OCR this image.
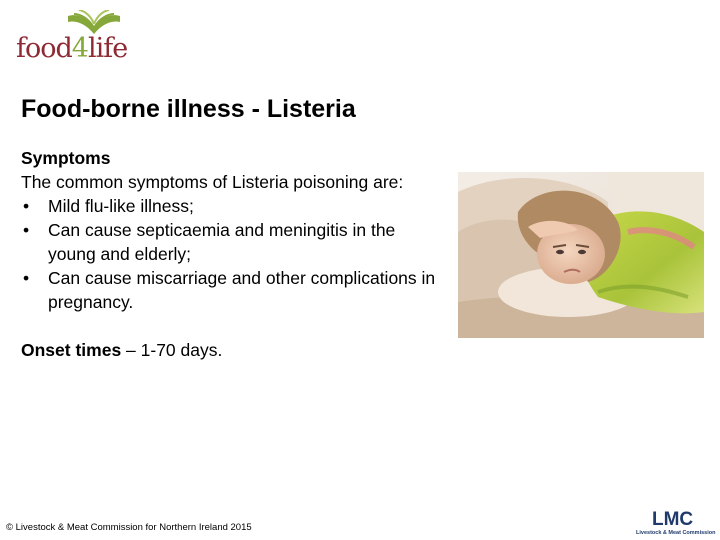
food4life
Food-borne illness - Listeria
Symptoms
The common symptoms of Listeria poisoning are:
• Mild flu-like illness;
• Can cause septicaemia and meningitis in the young and elderly;
• Can cause miscarriage and other complications in pregnancy.
Onset times – 1-70 days.
© Livestock & Meat Commission for Northern Ireland 2015	LMC
Livestock & Meat Commission
